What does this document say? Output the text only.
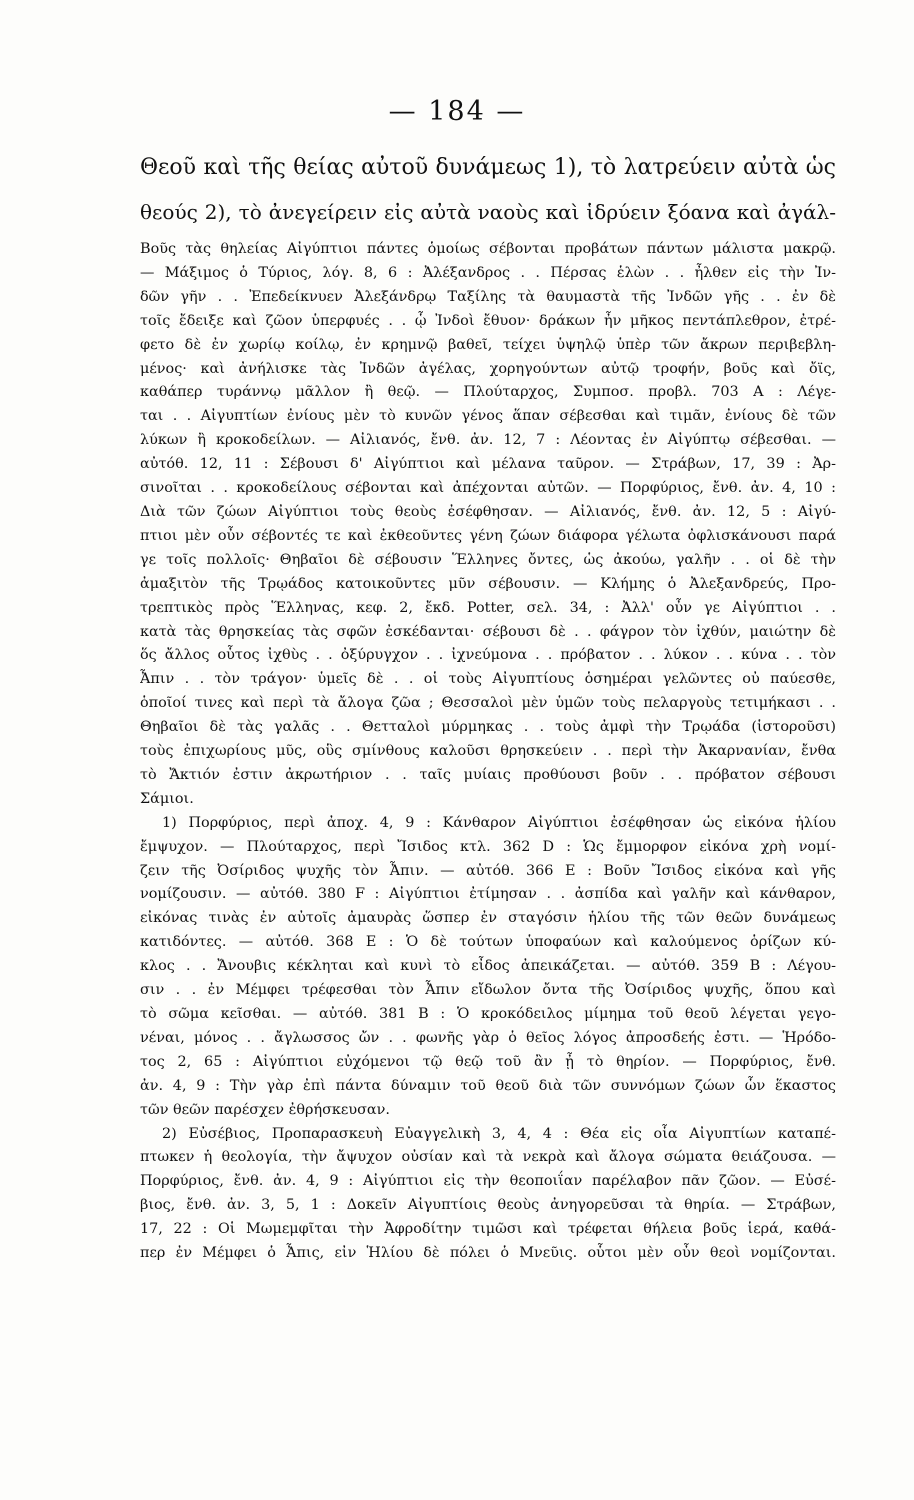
— 184 —
Θεοῦ καὶ τῆς θείας αὐτοῦ δυνάμεως 1), τὸ λατρεύειν αὐτὰ ὡς
θεούς 2), τὸ ἀνεγείρειν εἰς αὐτὰ ναοὺς καὶ ἱδρύειν ξόανα καὶ ἀγάλ-
Βοῦς τὰς θηλείας Αἰγύπτιοι πάντες ὁμοίως σέβονται προβάτων πάντων μάλιστα μακρῷ.
— Μάξιμος ὁ Τύριος, λόγ. 8, 6 : Ἀλέξανδρος . . Πέρσας ἑλὼν . . ἦλθεν εἰς τὴν Ἰν-
δῶν γῆν . . Ἐπεδείκνυεν Ἀλεξάνδρῳ Ταξίλης τὰ θαυμαστὰ τῆς Ἰνδῶν γῆς . . ἐν δὲ
τοῖς ἔδειξε καὶ ζῶον ὑπερφυές . . ᾧ Ἰνδοὶ ἔθυον· δράκων ἦν μῆκος πεντάπλεθρον, ἐτρέ-
φετο δὲ ἐν χωρίῳ κοίλῳ, ἐν κρημνῷ βαθεῖ, τείχει ὑψηλῷ ὑπὲρ τῶν ἄκρων περιβεβλη-
μένος· καὶ ἀνήλισκε τὰς Ἰνδῶν ἀγέλας, χορηγούντων αὐτῷ τροφήν, βοῦς καὶ ὄϊς,
καθάπερ τυράννῳ μᾶλλον ἢ θεῷ. — Πλούταρχος, Συμποσ. προβλ. 703 Α : Λέγε-
ται . . Αἰγυπτίων ἐνίους μὲν τὸ κυνῶν γένος ἅπαν σέβεσθαι καὶ τιμᾶν, ἐνίους δὲ τῶν
λύκων ἢ κροκοδείλων. — Αἰλιανός, ἔνθ. ἀν. 12, 7 : Λέοντας ἐν Αἰγύπτῳ σέβεσθαι. —
αὐτόθ. 12, 11 : Σέβουσι δ' Αἰγύπτιοι καὶ μέλανα ταῦρον. — Στράβων, 17, 39 : Ἀρ-
σινοῖται . . κροκοδείλους σέβονται καὶ ἀπέχονται αὐτῶν. — Πορφύριος, ἔνθ. ἀν. 4, 10 :
Διὰ τῶν ζώων Αἰγύπτιοι τοὺς θεοὺς ἐσέφθησαν. — Αἰλιανός, ἔνθ. ἀν. 12, 5 : Αἰγύ-
πτιοι μὲν οὖν σέβοντές τε καὶ ἐκθεοῦντες γένη ζώων διάφορα γέλωτα ὀφλισκάνουσι παρά
γε τοῖς πολλοῖς· Θηβαῖοι δὲ σέβουσιν Ἕλληνες ὄντες, ὡς ἀκούω, γαλῆν . . οἱ δὲ τὴν
ἀμαξιτὸν τῆς Τρῳάδος κατοικοῦντες μῦν σέβουσιν. — Κλήμης ὁ Ἀλεξανδρεύς, Προ-
τρεπτικὸς πρὸς Ἕλληνας, κεφ. 2, ἔκδ. Potter, σελ. 34, : Ἀλλ' οὖν γε Αἰγύπτιοι . .
κατὰ τὰς θρησκείας τὰς σφῶν ἐσκέδανται· σέβουσι δὲ . . φάγρον τὸν ἰχθύν, μαιώτην δὲ
ὅς ἄλλος οὗτος ἰχθὺς . . ὀξύρυγχον . . ἰχνεύμονα . . πρόβατον . . λύκον . . κύνα . . τὸν
Ἆπιν . . τὸν τράγον· ὑμεῖς δὲ . . οἱ τοὺς Αἰγυπτίους ὁσημέραι γελῶντες οὐ παύεσθε,
ὁποῖοί τινες καὶ περὶ τὰ ἄλογα ζῶα ; Θεσσαλοὶ μὲν ὑμῶν τοὺς πελαργοὺς τετιμήκασι . .
Θηβαῖοι δὲ τὰς γαλᾶς . . Θετταλοὶ μύρμηκας . . τοὺς ἀμφὶ τὴν Τρῳάδα (ἱστοροῦσι)
τοὺς ἐπιχωρίους μῦς, οὓς σμίνθους καλοῦσι θρησκεύειν . . περὶ τὴν Ἀκαρνανίαν, ἔνθα
τὸ Ἄκτιόν ἐστιν ἀκρωτήριον . . ταῖς μυίαις προθύουσι βοῦν . . πρόβατον σέβουσι
Σάμιοι.
1) Πορφύριος, περὶ ἀποχ. 4, 9 : Κάνθαρον Αἰγύπτιοι ἐσέφθησαν ὡς εἰκόνα ἡλίου
ἔμψυχον. — Πλούταρχος, περὶ Ἴσιδος κτλ. 362 D : Ὡς ἔμμορφον εἰκόνα χρὴ νομί-
ζειν τῆς Ὀσίριδος ψυχῆς τὸν Ἆπιν. — αὐτόθ. 366 E : Βοῦν Ἴσιδος εἰκόνα καὶ γῆς
νομίζουσιν. — αὐτόθ. 380 F : Αἰγύπτιοι ἐτίμησαν . . ἀσπίδα καὶ γαλῆν καὶ κάνθαρον,
εἰκόνας τινὰς ἐν αὐτοῖς ἀμαυρὰς ὥσπερ ἐν σταγόσιν ἡλίου τῆς τῶν θεῶν δυνάμεως
κατιδόντες. — αὐτόθ. 368 E : Ὁ δὲ τούτων ὑποφαύων καὶ καλούμενος ὁρίζων κύ-
κλος . . Ἄνουβις κέκληται καὶ κυνὶ τὸ εἶδος ἀπεικάζεται. — αὐτόθ. 359 B : Λέγου-
σιν . . ἐν Μέμφει τρέφεσθαι τὸν Ἆπιν εἴδωλον ὄντα τῆς Ὀσίριδος ψυχῆς, ὅπου καὶ
τὸ σῶμα κεῖσθαι. — αὐτόθ. 381 B : Ὁ κροκόδειλος μίμημα τοῦ θεοῦ λέγεται γεγο-
νέναι, μόνος . . ἄγλωσσος ὤν . . φωνῆς γὰρ ὁ θεῖος λόγος ἀπροσδεής ἐστι. — Ἡρόδο-
τος 2, 65 : Αἰγύπτιοι εὐχόμενοι τῷ θεῷ τοῦ ἂν ᾖ τὸ θηρίον. — Πορφύριος, ἔνθ.
ἀν. 4, 9 : Τὴν γὰρ ἐπὶ πάντα δύναμιν τοῦ θεοῦ διὰ τῶν συννόμων ζώων ὧν ἕκαστος
τῶν θεῶν παρέσχεν ἐθρήσκευσαν.
2) Εὐσέβιος, Προπαρασκευὴ Εὐαγγελικὴ 3, 4, 4 : Θέα εἰς οἷα Αἰγυπτίων καταπέ-
πτωκεν ἡ θεολογία, τὴν ἄψυχον οὐσίαν καὶ τὰ νεκρὰ καὶ ἄλογα σώματα θειάζουσα. —
Πορφύριος, ἔνθ. ἀν. 4, 9 : Αἰγύπτιοι εἰς τὴν θεοποιΐαν παρέλαβον πᾶν ζῶον. — Εὐσέ-
βιος, ἔνθ. ἀν. 3, 5, 1 : Δοκεῖν Αἰγυπτίοις θεοὺς ἀνηγορεῦσαι τὰ θηρία. — Στράβων,
17, 22 : Οἱ Μωμεμφῖται τὴν Ἀφροδίτην τιμῶσι καὶ τρέφεται θήλεια βοῦς ἱερά, καθά-
περ ἐν Μέμφει ὁ Ἆπις, εἰν Ἡλίου δὲ πόλει ὁ Μνεῦις. οὗτοι μὲν οὖν θεοὶ νομίζονται.
